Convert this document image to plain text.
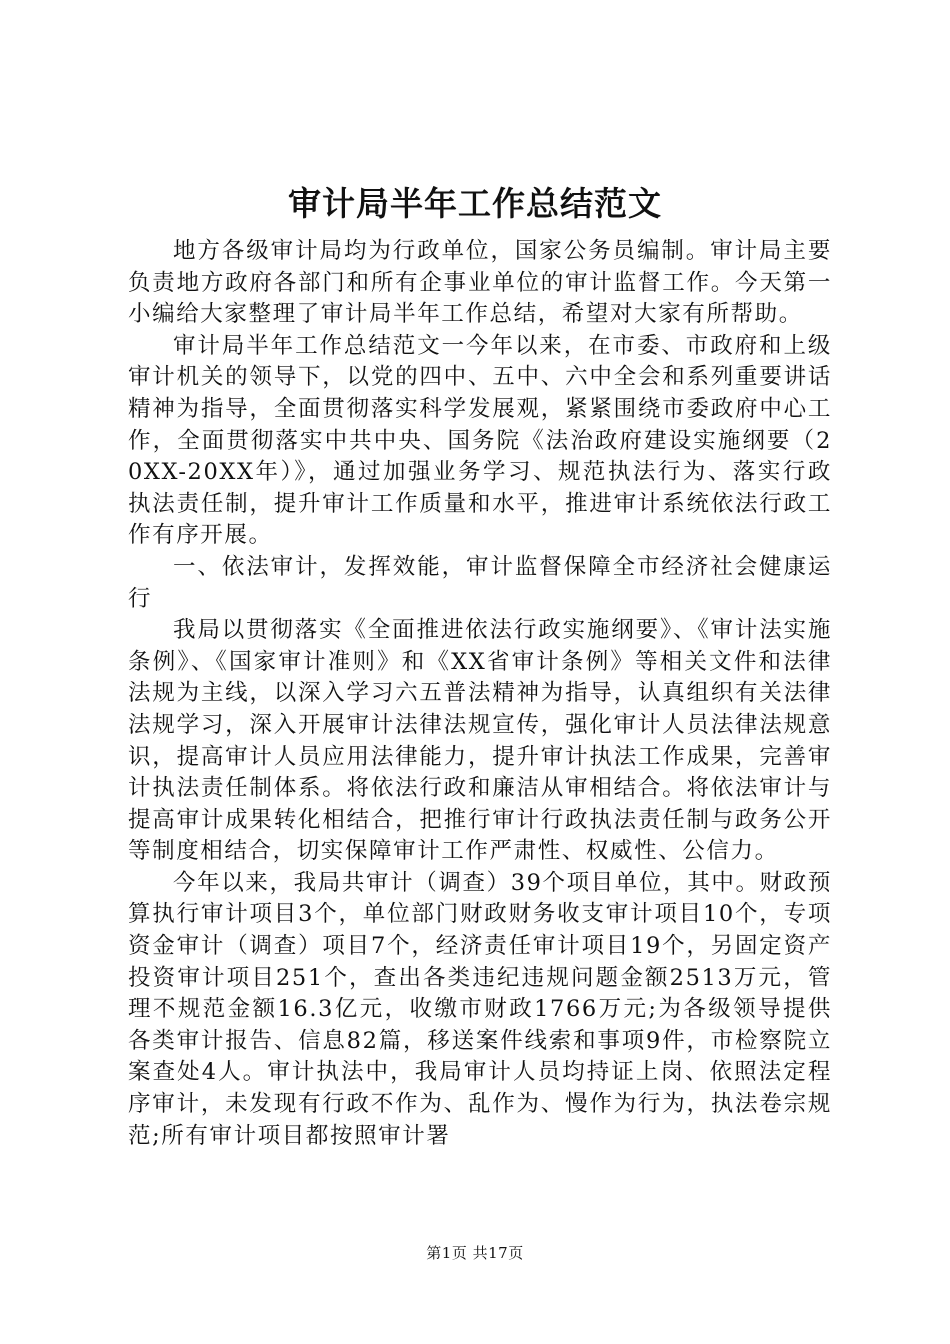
审计局半年工作总结范文

地方各级审计局均为行政单位，国家公务员编制。审计局主要负责地方政府各部门和所有企事业单位的审计监督工作。今天第一小编给大家整理了审计局半年工作总结，希望对大家有所帮助。

审计局半年工作总结范文一今年以来，在市委、市政府和上级审计机关的领导下，以党的四中、五中、六中全会和系列重要讲话精神为指导，全面贯彻落实科学发展观，紧紧围绕市委政府中心工作，全面贯彻落实中共中央、国务院《法治政府建设实施纲要（20XX-20XX年）》，通过加强业务学习、规范执法行为、落实行政执法责任制，提升审计工作质量和水平，推进审计系统依法行政工作有序开展。

一、依法审计，发挥效能，审计监督保障全市经济社会健康运行

我局以贯彻落实《全面推进依法行政实施纲要》、《审计法实施条例》、《国家审计准则》和《XX省审计条例》等相关文件和法律法规为主线，以深入学习六五普法精神为指导，认真组织有关法律法规学习，深入开展审计法律法规宣传，强化审计人员法律法规意识，提高审计人员应用法律能力，提升审计执法工作成果，完善审计执法责任制体系。将依法行政和廉洁从审相结合。将依法审计与提高审计成果转化相结合，把推行审计行政执法责任制与政务公开等制度相结合，切实保障审计工作严肃性、权威性、公信力。

今年以来，我局共审计（调查）39个项目单位，其中。财政预算执行审计项目3个，单位部门财政财务收支审计项目10个，专项资金审计（调查）项目7个，经济责任审计项目19个，另固定资产投资审计项目251个，查出各类违纪违规问题金额2513万元，管理不规范金额16.3亿元，收缴市财政1766万元;为各级领导提供各类审计报告、信息82篇，移送案件线索和事项9件，市检察院立案查处4人。审计执法中，我局审计人员均持证上岗、依照法定程序审计，未发现有行政不作为、乱作为、慢作为行为，执法卷宗规范;所有审计项目都按照审计署

第1页 共17页
